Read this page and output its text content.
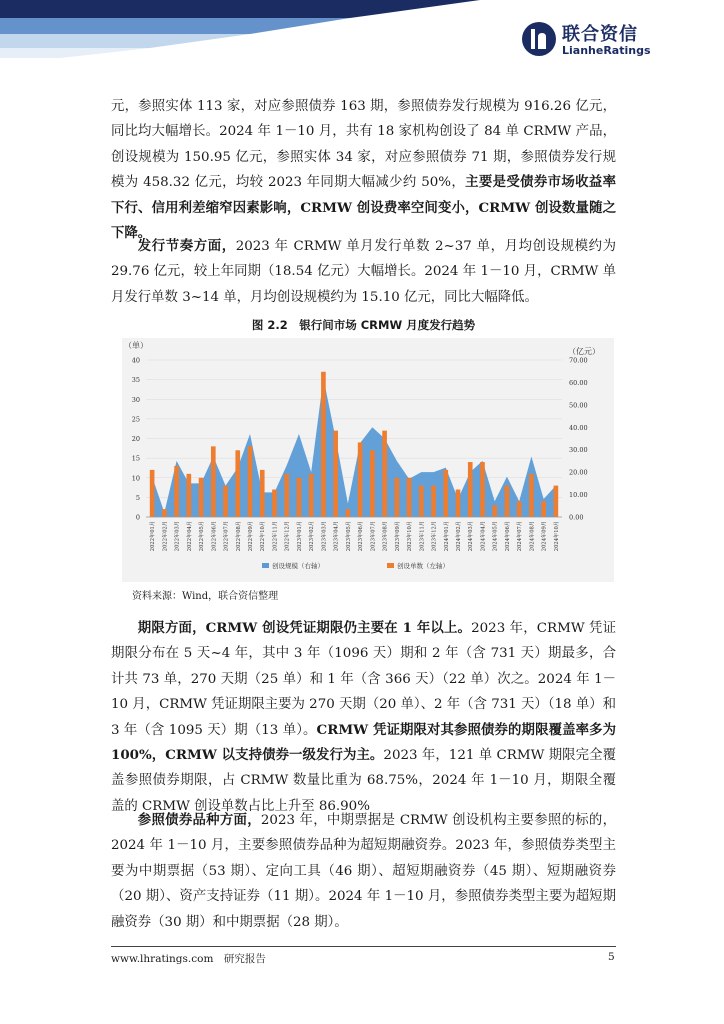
联合资信
LianheRatings

元，参照实体 113 家，对应参照债券 163 期，参照债券发行规模为 916.26 亿元，同比均大幅增长。2024 年 1－10 月，共有 18 家机构创设了 84 单 CRMW 产品，创设规模为 150.95 亿元，参照实体 34 家，对应参照债券 71 期，参照债券发行规模为 458.32 亿元，均较 2023 年同期大幅减少约 50%，主要是受债券市场收益率下行、信用利差缩窄因素影响，CRMW 创设费率空间变小，CRMW 创设数量随之下降。

发行节奏方面，2023 年 CRMW 单月发行单数 2~37 单，月均创设规模约为 29.76 亿元，较上年同期（18.54 亿元）大幅增长。2024 年 1－10 月，CRMW 单月发行单数 3~14 单，月均创设规模约为 15.10 亿元，同比大幅降低。

图 2.2　银行间市场 CRMW 月度发行趋势
0
5
10
15
20
25
30
35
40
0.00
10.00
20.00
30.00
40.00
50.00
60.00
70.00
（单）
（亿元）
2022年01月	2022年02月	2022年03月	2022年04月	2022年05月	2022年06月	2022年07月	2022年08月	2022年09月	2022年10月	2022年11月	2022年12月	2023年01月	2023年02月	2023年03月	2023年04月	2023年05月	2023年06月	2023年07月	2023年08月	2023年09月	2023年10月	2023年11月	2023年12月	2024年01月	2024年02月	2024年03月	2024年04月	2024年05月	2024年06月	2024年07月	2024年08月	2024年09月	2024年10月
创设规模（右轴）	创设单数（左轴）
资料来源：Wind，联合资信整理

期限方面，CRMW 创设凭证期限仍主要在 1 年以上。2023 年，CRMW 凭证期限分布在 5 天~4 年，其中 3 年（1096 天）期和 2 年（含 731 天）期最多，合计共 73 单，270 天期（25 单）和 1 年（含 366 天）（22 单）次之。2024 年 1－10 月，CRMW 凭证期限主要为 270 天期（20 单）、2 年（含 731 天）（18 单）和 3 年（含 1095 天）期（13 单）。CRMW 凭证期限对其参照债券的期限覆盖率多为 100%，CRMW 以支持债券一级发行为主。2023 年，121 单 CRMW 期限完全覆盖参照债券期限，占 CRMW 数量比重为 68.75%，2024 年 1－10 月，期限全覆盖的 CRMW 创设单数占比上升至 86.90%

参照债券品种方面，2023 年，中期票据是 CRMW 创设机构主要参照的标的，2024 年 1－10 月，主要参照债券品种为超短期融资券。2023 年，参照债券类型主要为中期票据（53 期）、定向工具（46 期）、超短期融资券（45 期）、短期融资券（20 期）、资产支持证券（11 期）。2024 年 1－10 月，参照债券类型主要为超短期融资券（30 期）和中期票据（28 期）。

www.lhratings.com　研究报告	5
